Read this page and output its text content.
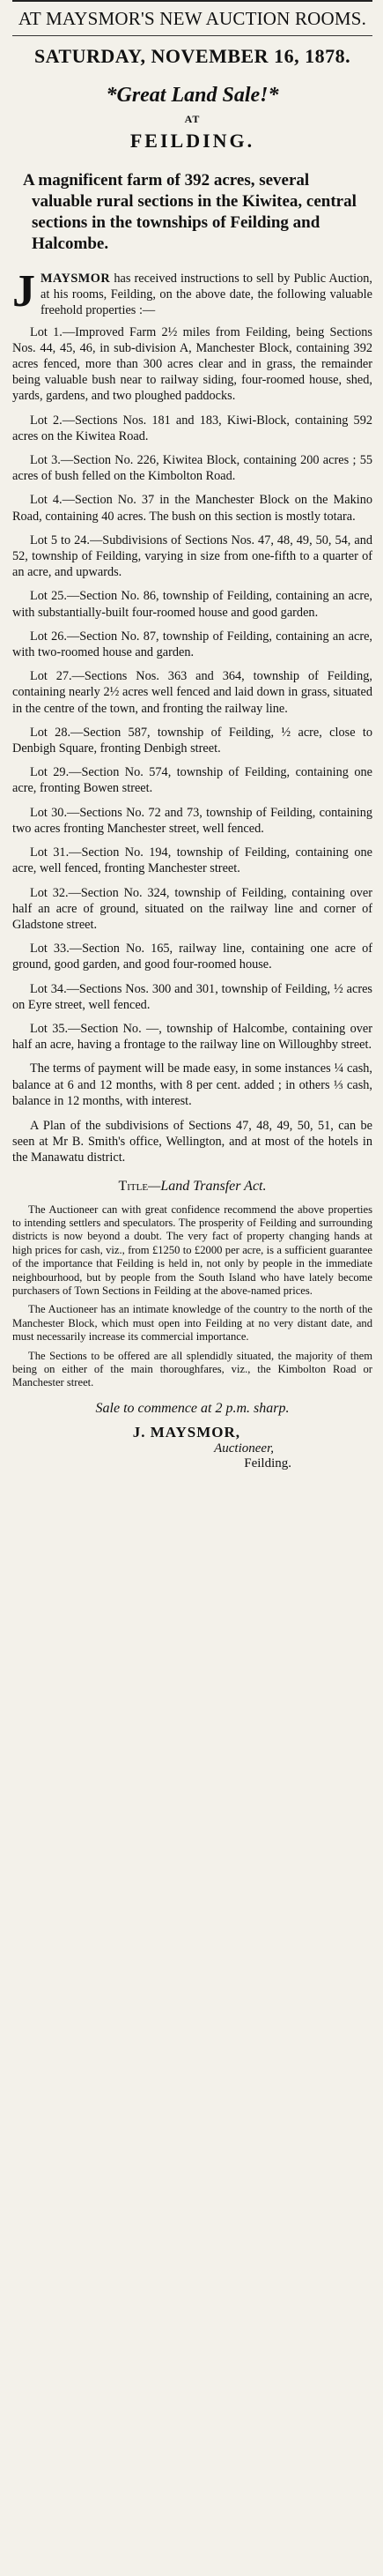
AT MAYSMOR'S NEW AUCTION ROOMS.
SATURDAY, NOVEMBER 16, 1878.
*Great Land Sale!*
AT
FEILDING.
A magnificent farm of 392 acres, several valuable rural sections in the Kiwitea, central sections in the townships of Feilding and Halcombe.

JMAYSMOR has received instructions to sell by Public Auction, at his rooms, Feilding, on the above date, the following valuable freehold properties :—

Lot 1.—Improved Farm 2½ miles from Feilding, being Sections Nos. 44, 45, 46, in sub-division A, Manchester Block, containing 392 acres fenced, more than 300 acres clear and in grass, the remainder being valuable bush near to railway siding, four-roomed house, shed, yards, gardens, and two ploughed paddocks.

Lot 2.—Sections Nos. 181 and 183, Kiwi-Block, containing 592 acres on the Kiwitea Road.

Lot 3.—Section No. 226, Kiwitea Block, containing 200 acres ; 55 acres of bush felled on the Kimbolton Road.

Lot 4.—Section No. 37 in the Manchester Block on the Makino Road, containing 40 acres. The bush on this section is mostly totara.

Lot 5 to 24.—Subdivisions of Sections Nos. 47, 48, 49, 50, 54, and 52, township of Feilding, varying in size from one-fifth to a quarter of an acre, and upwards.

Lot 25.—Section No. 86, township of Feilding, containing an acre, with substantially-built four-roomed house and good garden.

Lot 26.—Section No. 87, township of Feilding, containing an acre, with two-roomed house and garden.

Lot 27.—Sections Nos. 363 and 364, township of Feilding, containing nearly 2½ acres well fenced and laid down in grass, situated in the centre of the town, and fronting the railway line.

Lot 28.—Section 587, township of Feilding, ½ acre, close to Denbigh Square, fronting Denbigh street.

Lot 29.—Section No. 574, township of Feilding, containing one acre, fronting Bowen street.

Lot 30.—Sections No. 72 and 73, township of Feilding, containing two acres fronting Manchester street, well fenced.

Lot 31.—Section No. 194, township of Feilding, containing one acre, well fenced, fronting Manchester street.

Lot 32.—Section No. 324, township of Feilding, containing over half an acre of ground, situated on the railway line and corner of Gladstone street.

Lot 33.—Section No. 165, railway line, containing one acre of ground, good garden, and good four-roomed house.

Lot 34.—Sections Nos. 300 and 301, township of Feilding, ½ acres on Eyre street, well fenced.

Lot 35.—Section No. —, township of Halcombe, containing over half an acre, having a frontage to the railway line on Willoughby street.

The terms of payment will be made easy, in some instances ¼ cash, balance at 6 and 12 months, with 8 per cent. added ; in others ⅓ cash, balance in 12 months, with interest.

A Plan of the subdivisions of Sections 47, 48, 49, 50, 51, can be seen at Mr B. Smith's office, Wellington, and at most of the hotels in the Manawatu district.

Title—Land Transfer Act.

The Auctioneer can with great confidence recommend the above properties to intending settlers and speculators. The prosperity of Feilding and surrounding districts is now beyond a doubt. The very fact of property changing hands at high prices for cash, viz., from £1250 to £2000 per acre, is a sufficient guarantee of the importance that Feilding is held in, not only by people in the immediate neighbourhood, but by people from the South Island who have lately become purchasers of Town Sections in Feilding at the above-named prices.

The Auctioneer has an intimate knowledge of the country to the north of the Manchester Block, which must open into Feilding at no very distant date, and must necessarily increase its commercial importance.

The Sections to be offered are all splendidly situated, the majority of them being on either of the main thoroughfares, viz., the Kimbolton Road or Manchester street.

Sale to commence at 2 p.m. sharp.
J. MAYSMOR,
Auctioneer,
Feilding.
